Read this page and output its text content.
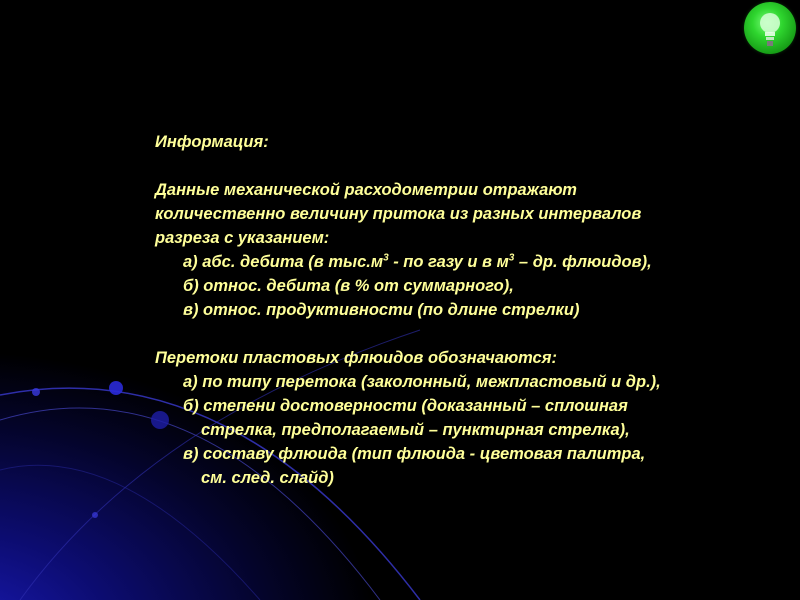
Информация:
Данные механической расходометрии отражают
количественно величину притока из разных интервалов
разреза с указанием:
а) абс. дебита (в $тыс.м^3$ - по газу и в $м^3$ – др. флюидов),
б) относ. дебита (в % от суммарного),
в) относ. продуктивности (по длине стрелки)
Перетоки пластовых флюидов обозначаются:
а) по типу перетока (заколонный, межпластовый и др.),
б) степени достоверности (доказанный – сплошная
стрелка, предполагаемый – пунктирная стрелка),
в) составу флюида (тип флюида - цветовая палитра,
см. след. слайд)
